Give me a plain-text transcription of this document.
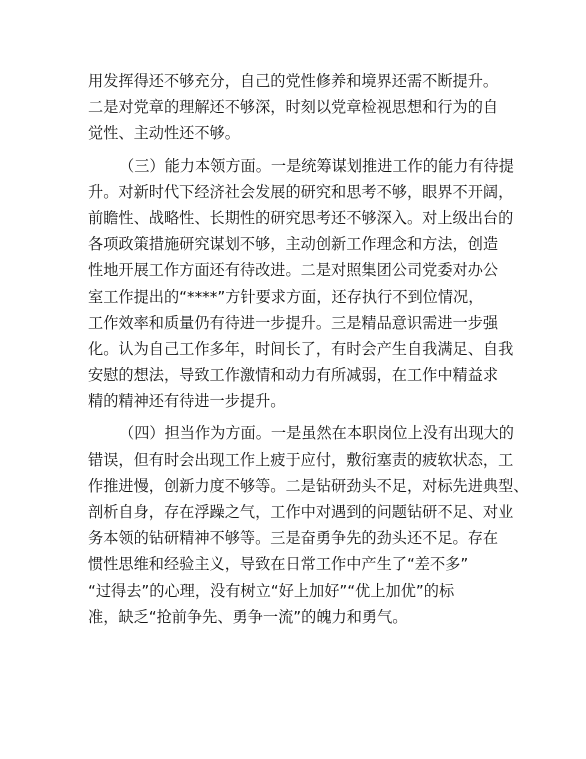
用发挥得还不够充分，自己的党性修养和境界还需不断提升。
二是对党章的理解还不够深，时刻以党章检视思想和行为的自
觉性、主动性还不够。
（三）能力本领方面。一是统筹谋划推进工作的能力有待提
升。对新时代下经济社会发展的研究和思考不够，眼界不开阔，
前瞻性、战略性、长期性的研究思考还不够深入。对上级出台的
各项政策措施研究谋划不够，主动创新工作理念和方法，创造
性地开展工作方面还有待改进。二是对照集团公司党委对办公
室工作提出的“****”方针要求方面，还存执行不到位情况，
工作效率和质量仍有待进一步提升。三是精品意识需进一步强
化。认为自己工作多年，时间长了，有时会产生自我满足、自我
安慰的想法，导致工作激情和动力有所减弱，在工作中精益求
精的精神还有待进一步提升。
（四）担当作为方面。一是虽然在本职岗位上没有出现大的
错误，但有时会出现工作上疲于应付，敷衍塞责的疲软状态，工
作推进慢，创新力度不够等。二是钻研劲头不足，对标先进典型、
剖析自身，存在浮躁之气，工作中对遇到的问题钻研不足、对业
务本领的钻研精神不够等。三是奋勇争先的劲头还不足。存在
惯性思维和经验主义，导致在日常工作中产生了“差不多”
“过得去”的心理，没有树立“好上加好”“优上加优”的标
准，缺乏“抢前争先、勇争一流”的魄力和勇气。
